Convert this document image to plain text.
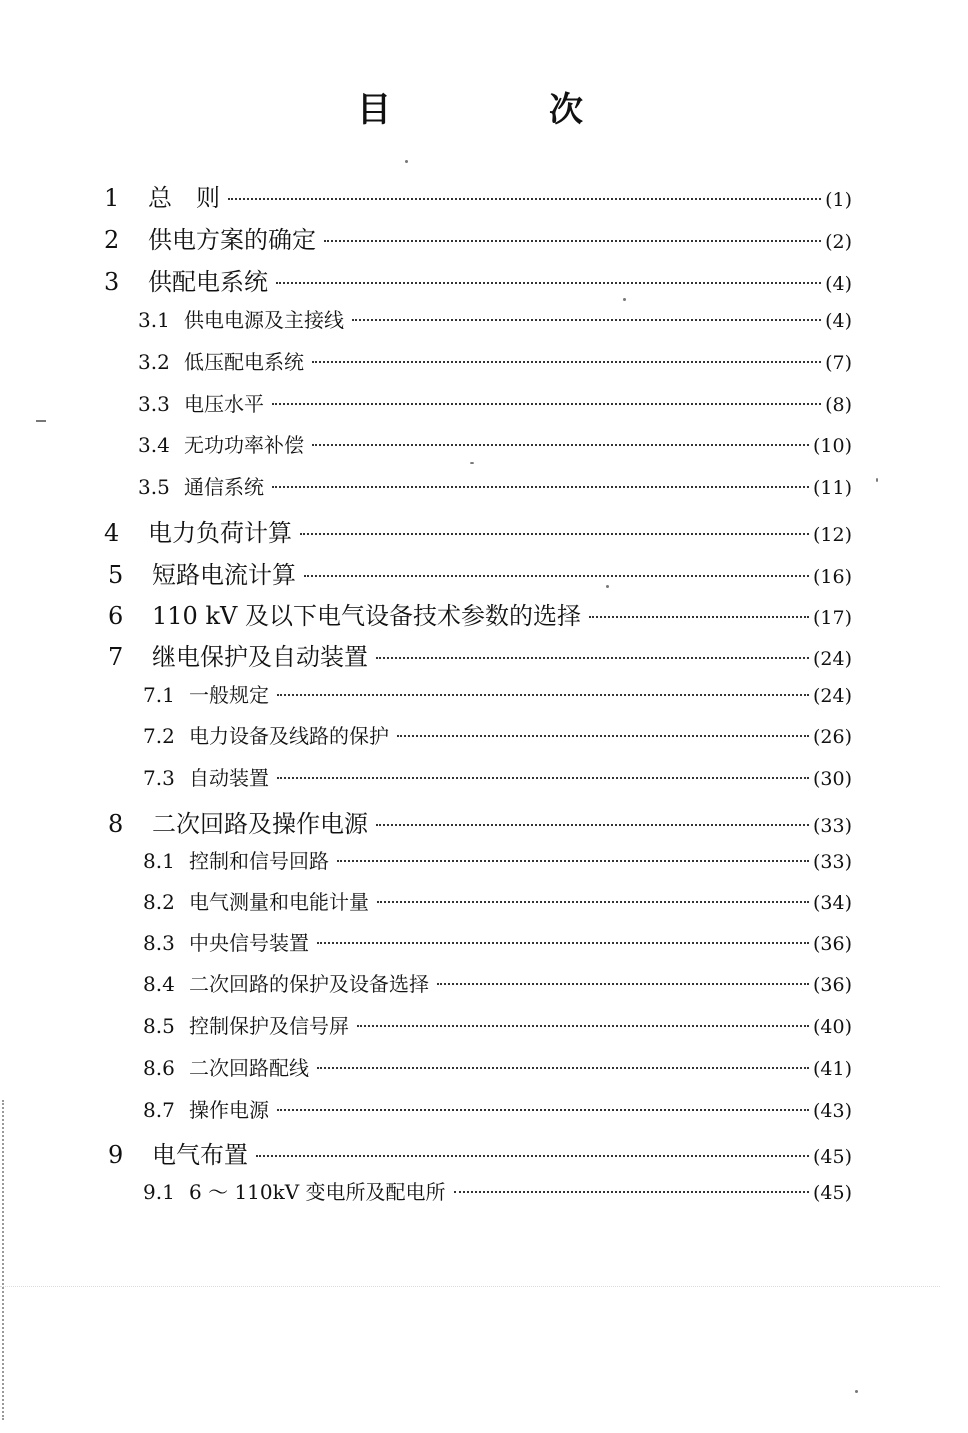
目　次
1	总　则	(1)
2	供电方案的确定	(2)
3	供配电系统	(4)
3.1 供电电源及主接线	(4)
3.2 低压配电系统	(7)
3.3 电压水平	(8)
3.4 无功功率补偿	(10)
3.5 通信系统	(11)
4	电力负荷计算	(12)
5	短路电流计算	(16)
6	110 kV 及以下电气设备技术参数的选择	(17)
7	继电保护及自动装置	(24)
7.1 一般规定	(24)
7.2 电力设备及线路的保护	(26)
7.3 自动装置	(30)
8	二次回路及操作电源	(33)
8.1 控制和信号回路	(33)
8.2 电气测量和电能计量	(34)
8.3 中央信号装置	(36)
8.4 二次回路的保护及设备选择	(36)
8.5 控制保护及信号屏	(40)
8.6 二次回路配线	(41)
8.7 操作电源	(43)
9	电气布置	(45)
9.1 6 ～ 110kV 变电所及配电所	(45)
